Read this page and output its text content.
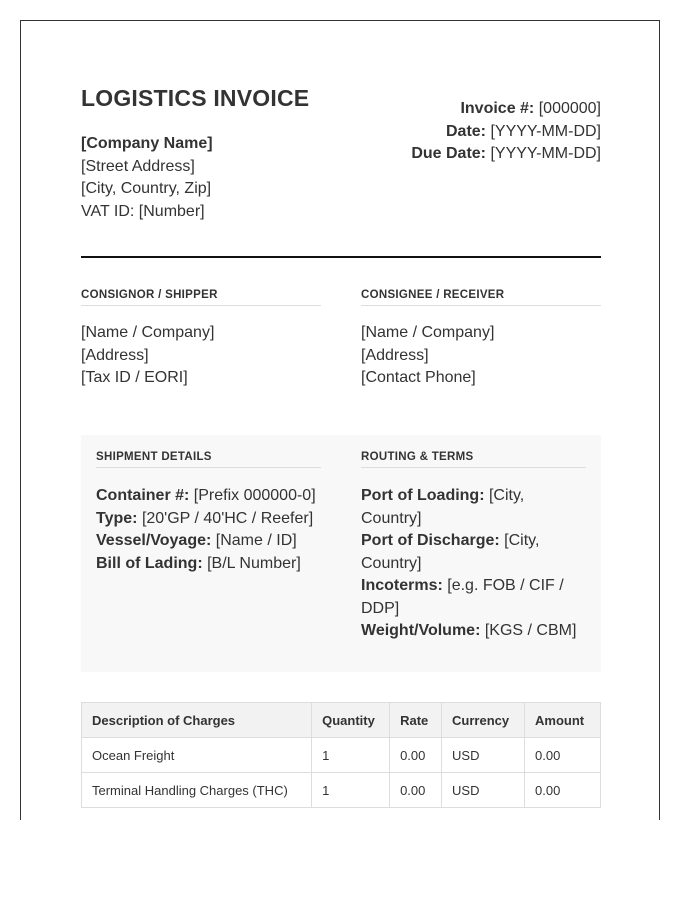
LOGISTICS INVOICE
[Company Name]
[Street Address]
[City, Country, Zip]
VAT ID: [Number]
Invoice #: [000000]
Date: [YYYY-MM-DD]
Due Date: [YYYY-MM-DD]
CONSIGNOR / SHIPPER
[Name / Company]
[Address]
[Tax ID / EORI]
CONSIGNEE / RECEIVER
[Name / Company]
[Address]
[Contact Phone]
SHIPMENT DETAILS
Container #: [Prefix 000000-0]
Type: [20'GP / 40'HC / Reefer]
Vessel/Voyage: [Name / ID]
Bill of Lading: [B/L Number]
ROUTING & TERMS
Port of Loading: [City, Country]
Port of Discharge: [City, Country]
Incoterms: [e.g. FOB / CIF / DDP]
Weight/Volume: [KGS / CBM]
Description of Charges	Quantity	Rate	Currency	Amount
Ocean Freight	1	0.00	USD	0.00
Terminal Handling Charges (THC)	1	0.00	USD	0.00
